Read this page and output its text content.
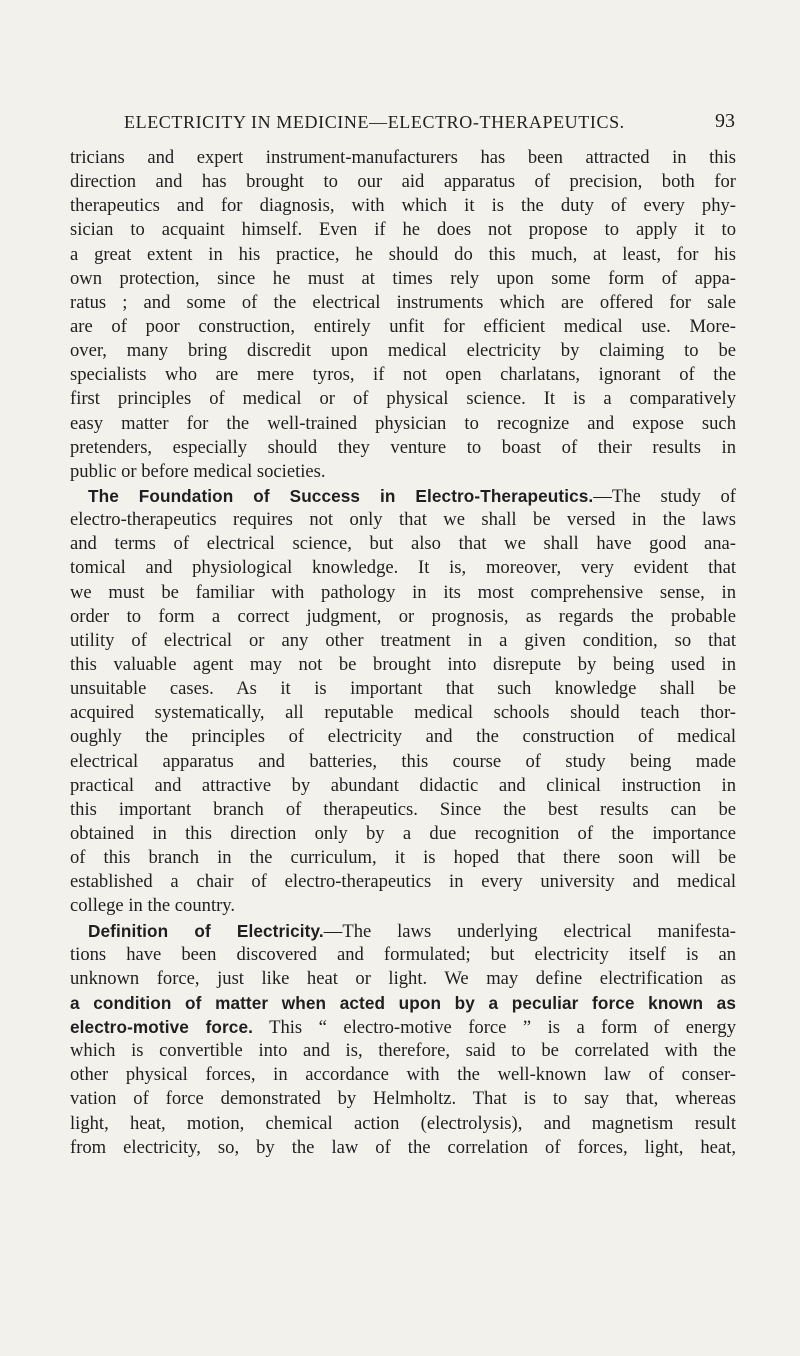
ELECTRICITY IN MEDICINE—ELECTRO-THERAPEUTICS.	93
tricians and expert instrument-manufacturers has been attracted in this
direction and has brought to our aid apparatus of precision, both for
therapeutics and for diagnosis, with which it is the duty of every phy-
sician to acquaint himself. Even if he does not propose to apply it to
a great extent in his practice, he should do this much, at least, for his
own protection, since he must at times rely upon some form of appa-
ratus ; and some of the electrical instruments which are offered for sale
are of poor construction, entirely unfit for efficient medical use. More-
over, many bring discredit upon medical electricity by claiming to be
specialists who are mere tyros, if not open charlatans, ignorant of the
first principles of medical or of physical science. It is a comparatively
easy matter for the well-trained physician to recognize and expose such
pretenders, especially should they venture to boast of their results in
public or before medical societies.
The Foundation of Success in Electro-Therapeutics.—The study of
electro-therapeutics requires not only that we shall be versed in the laws
and terms of electrical science, but also that we shall have good ana-
tomical and physiological knowledge. It is, moreover, very evident that
we must be familiar with pathology in its most comprehensive sense, in
order to form a correct judgment, or prognosis, as regards the probable
utility of electrical or any other treatment in a given condition, so that
this valuable agent may not be brought into disrepute by being used in
unsuitable cases. As it is important that such knowledge shall be
acquired systematically, all reputable medical schools should teach thor-
oughly the principles of electricity and the construction of medical
electrical apparatus and batteries, this course of study being made
practical and attractive by abundant didactic and clinical instruction in
this important branch of therapeutics. Since the best results can be
obtained in this direction only by a due recognition of the importance
of this branch in the curriculum, it is hoped that there soon will be
established a chair of electro-therapeutics in every university and medical
college in the country.
Definition of Electricity.—The laws underlying electrical manifesta-
tions have been discovered and formulated; but electricity itself is an
unknown force, just like heat or light. We may define electrification as
a condition of matter when acted upon by a peculiar force known as
electro-motive force. This “ electro-motive force ” is a form of energy
which is convertible into and is, therefore, said to be correlated with the
other physical forces, in accordance with the well-known law of conser-
vation of force demonstrated by Helmholtz. That is to say that, whereas
light, heat, motion, chemical action (electrolysis), and magnetism result
from electricity, so, by the law of the correlation of forces, light, heat,
